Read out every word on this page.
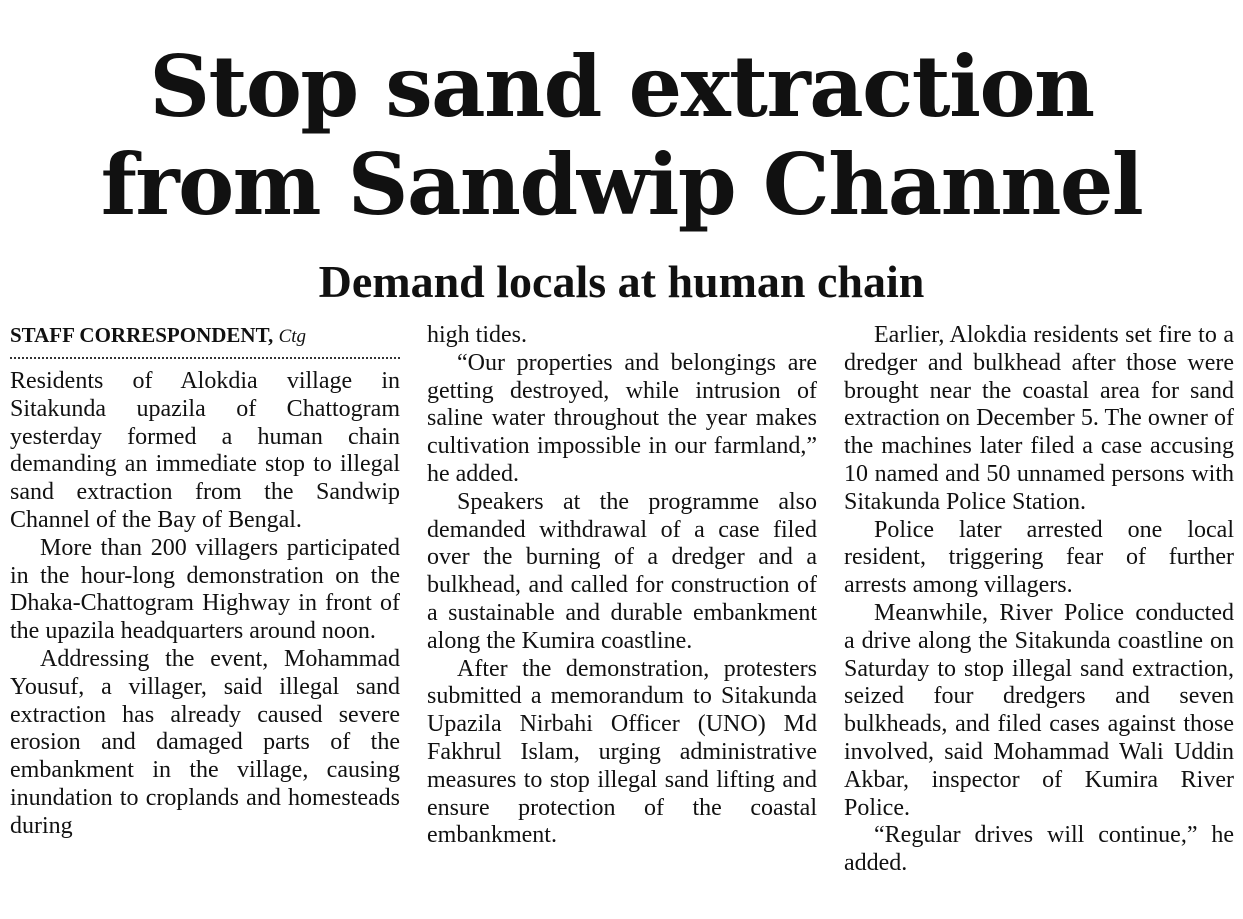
Stop sand extraction
from Sandwip Channel
Demand locals at human chain
STAFF CORRESPONDENT, Ctg

Residents of Alokdia village in Sitakunda upazila of Chattogram yesterday formed a human chain demanding an immediate stop to illegal sand extraction from the Sandwip Channel of the Bay of Bengal.

More than 200 villagers participated in the hour-long demonstration on the Dhaka-Chattogram Highway in front of the upazila headquarters around noon.

Addressing the event, Mohammad Yousuf, a villager, said illegal sand extraction has already caused severe erosion and damaged parts of the embankment in the village, causing inundation to croplands and homesteads during

high tides.

“Our properties and belongings are getting destroyed, while intrusion of saline water throughout the year makes cultivation impossible in our farmland,” he added.

Speakers at the programme also demanded withdrawal of a case filed over the burning of a dredger and a bulkhead, and called for construction of a sustainable and durable embankment along the Kumira coastline.

After the demonstration, protesters submitted a memorandum to Sitakunda Upazila Nirbahi Officer (UNO) Md Fakhrul Islam, urging administrative measures to stop illegal sand lifting and ensure protection of the coastal embankment.

Earlier, Alokdia residents set fire to a dredger and bulkhead after those were brought near the coastal area for sand extraction on December 5. The owner of the machines later filed a case accusing 10 named and 50 unnamed persons with Sitakunda Police Station.

Police later arrested one local resident, triggering fear of further arrests among villagers.

Meanwhile, River Police conducted a drive along the Sitakunda coastline on Saturday to stop illegal sand extraction, seized four dredgers and seven bulkheads, and filed cases against those involved, said Mohammad Wali Uddin Akbar, inspector of Kumira River Police.

“Regular drives will continue,” he added.
